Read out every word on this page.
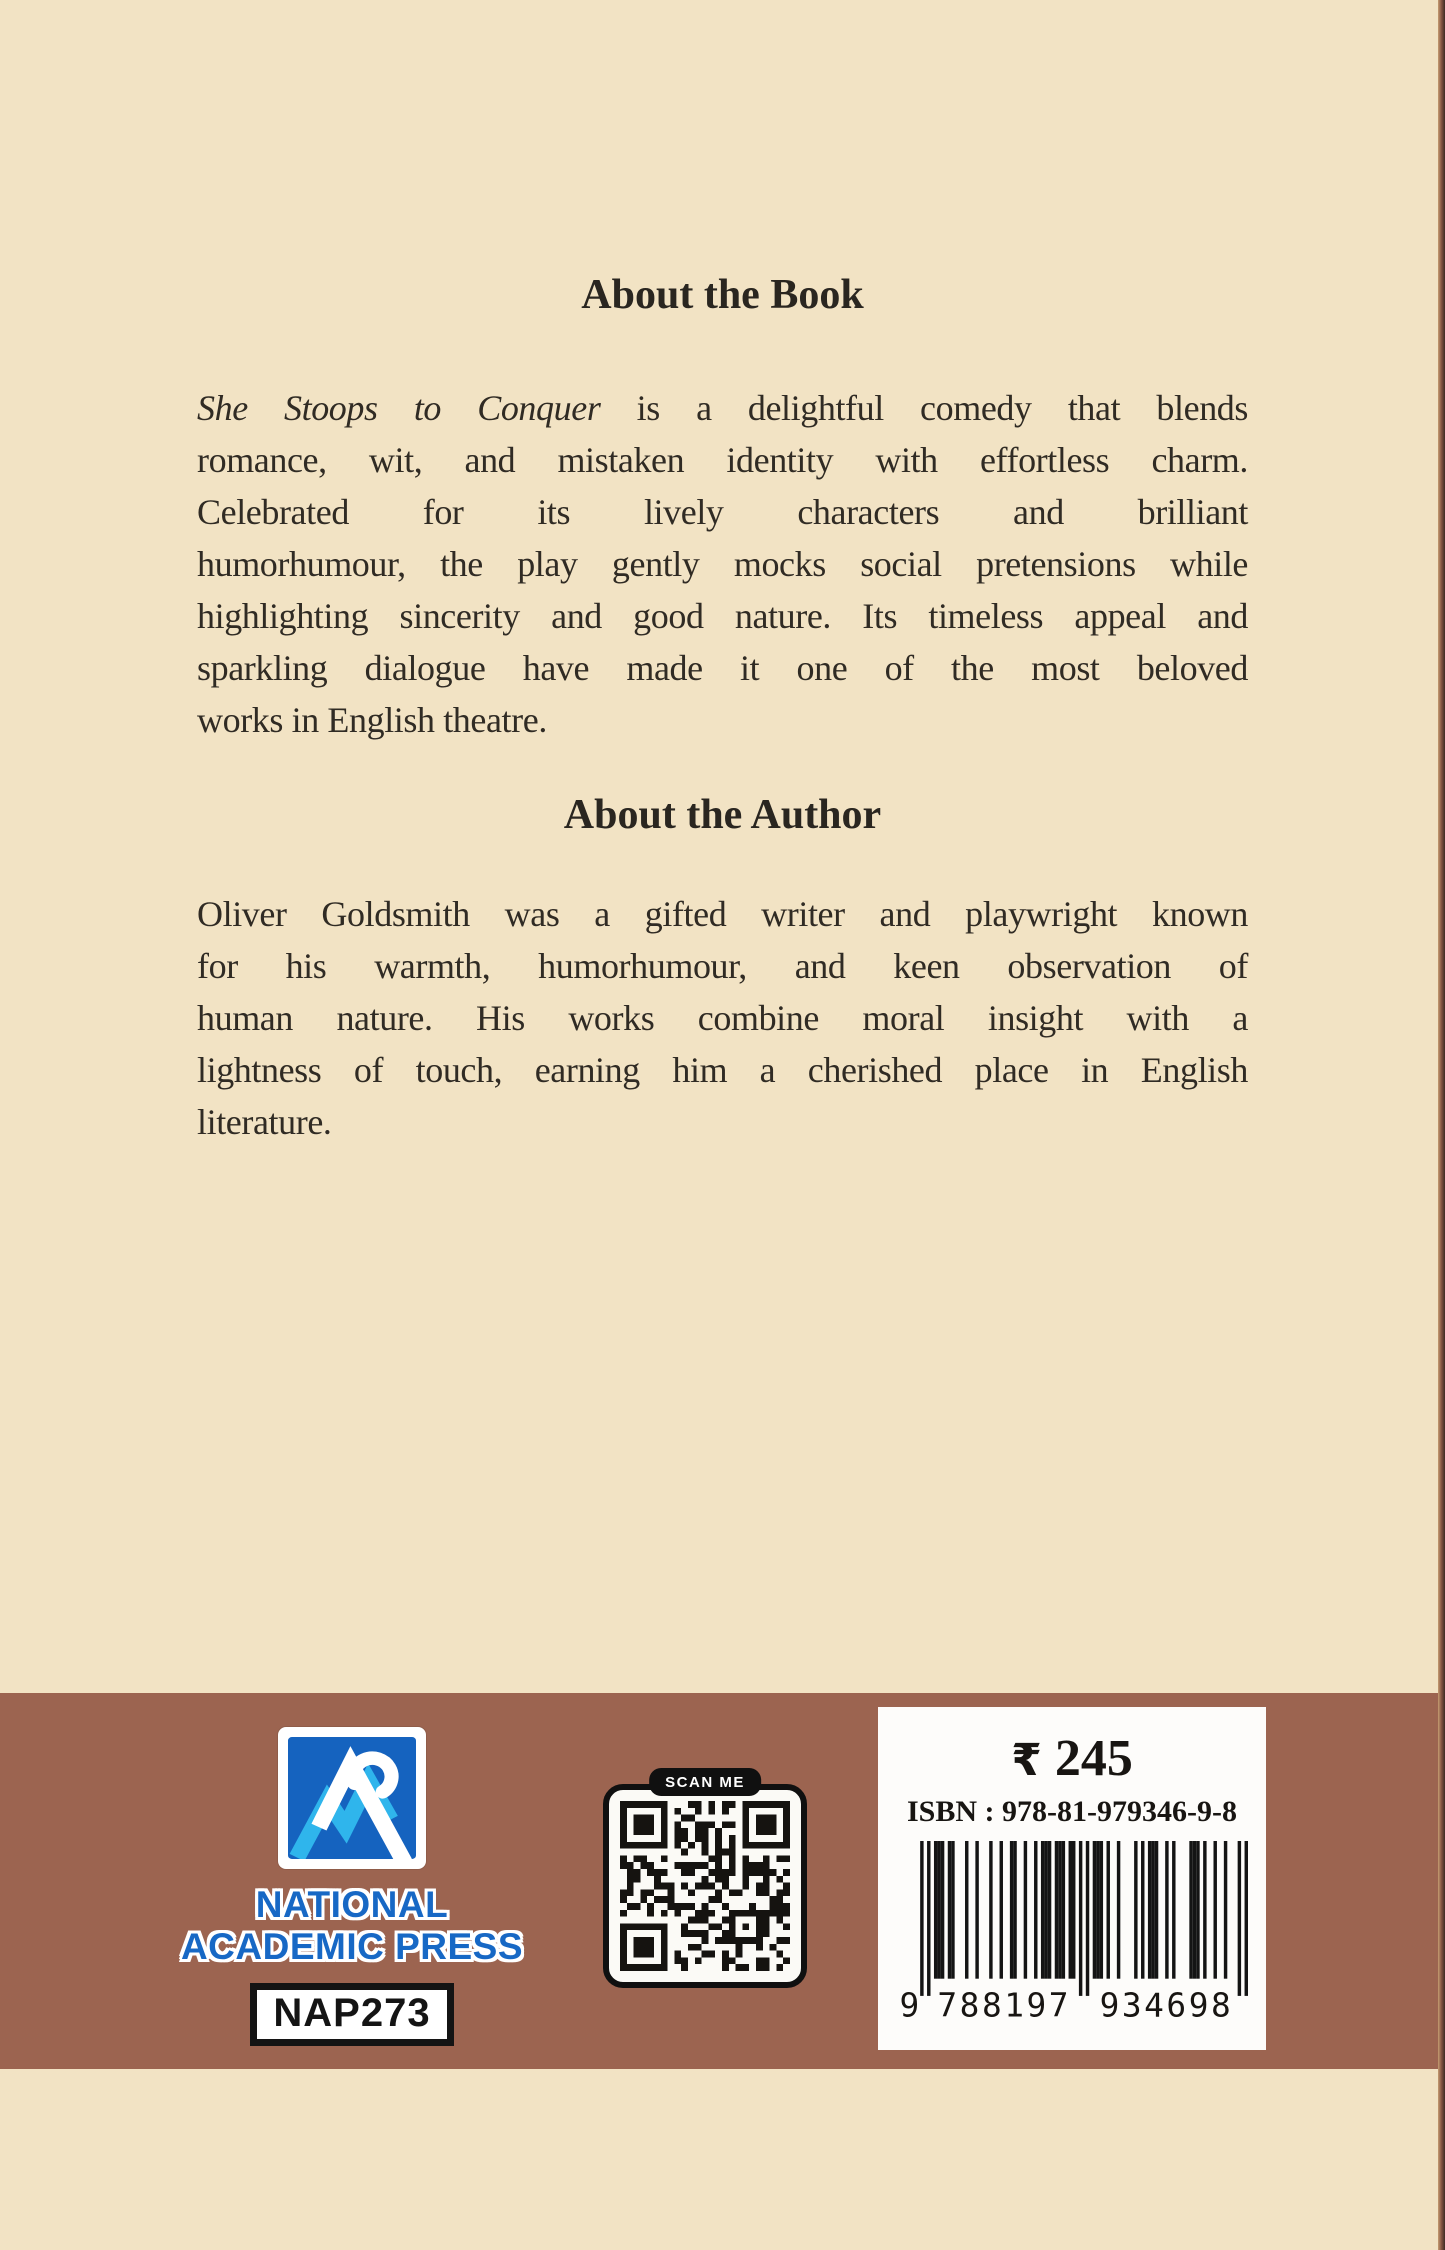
About the Book
She Stoops to Conquer is a delightful comedy that blends
romance, wit, and mistaken identity with effortless charm.
Celebrated for its lively characters and brilliant
humorhumour, the play gently mocks social pretensions while
highlighting sincerity and good nature. Its timeless appeal and
sparkling dialogue have made it one of the most beloved
works in English theatre.
About the Author
Oliver Goldsmith was a gifted writer and playwright known
for his warmth, humorhumour, and keen observation of
human nature. His works combine moral insight with a
lightness of touch, earning him a cherished place in English
literature.
NATIONAL
ACADEMIC PRESS
NAP273
SCAN ME	₹ 245
ISBN : 978-81-979346-9-8
9 788197	934698
